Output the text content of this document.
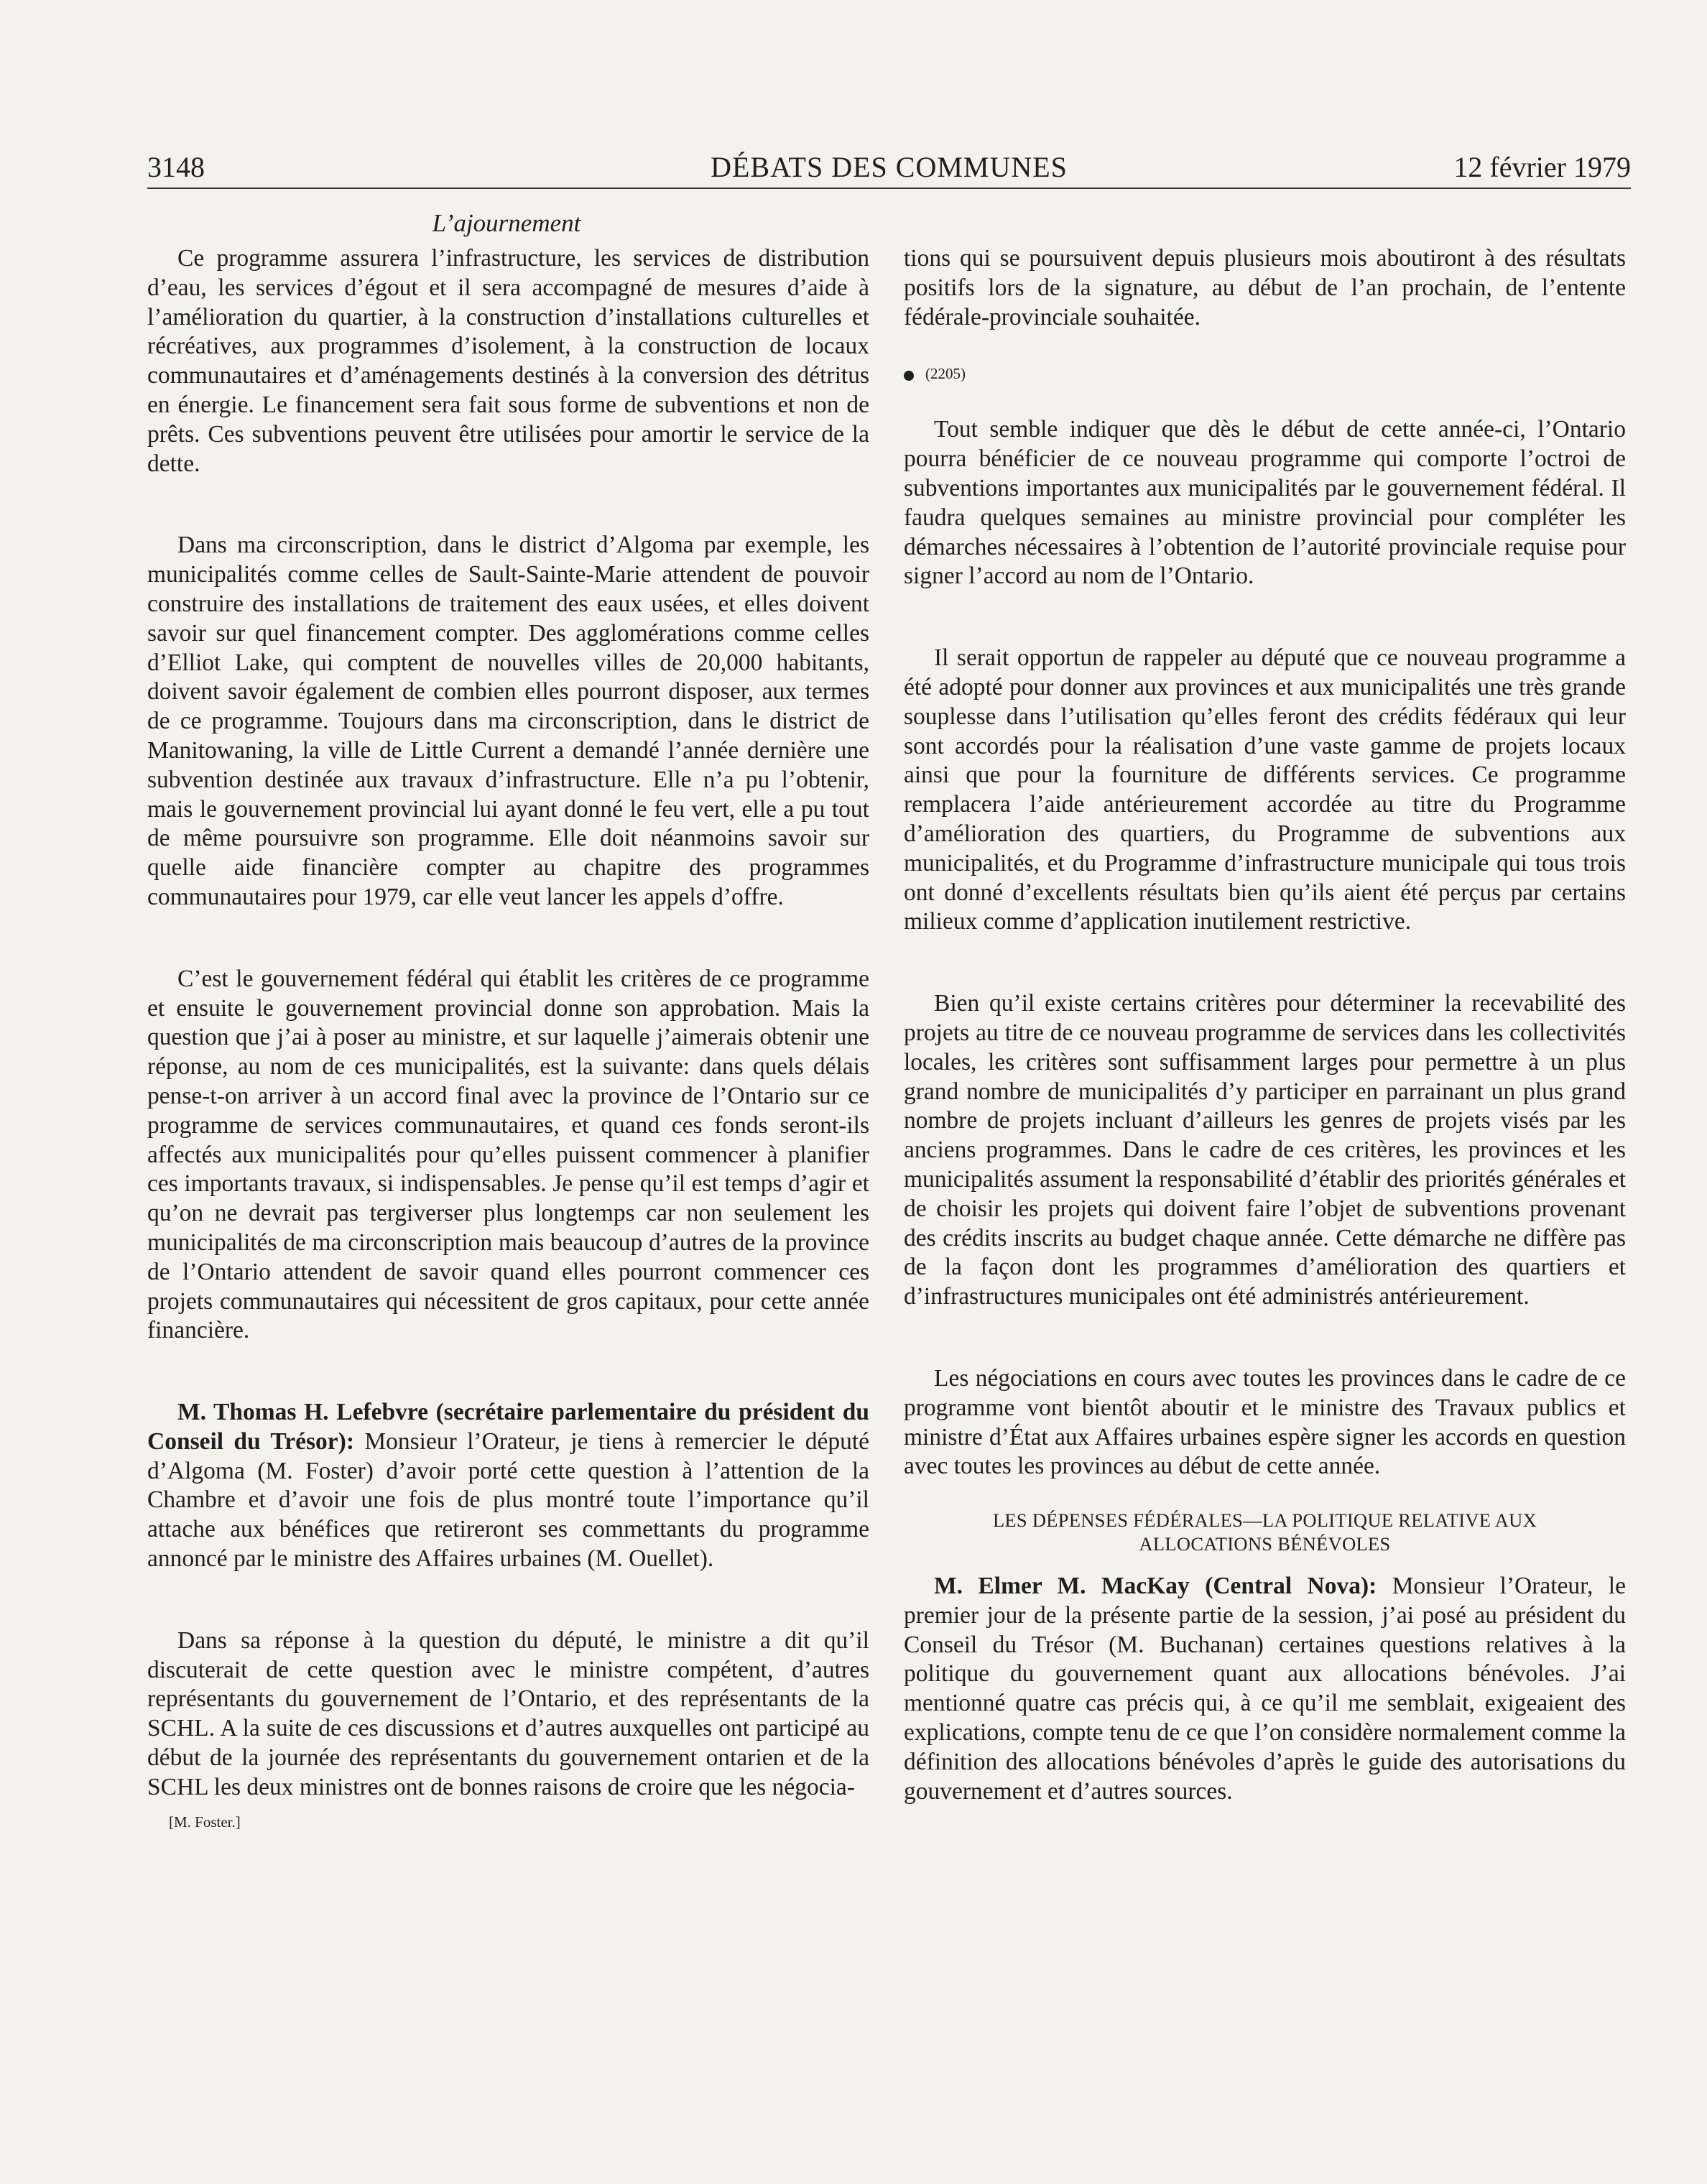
3148	DÉBATS DES COMMUNES	12 février 1979
L’ajournement

Ce programme assurera l’infrastructure, les services de distribution d’eau, les services d’égout et il sera accompagné de mesures d’aide à l’amélioration du quartier, à la construction d’installations culturelles et récréatives, aux programmes d’isolement, à la construction de locaux communautaires et d’aménagements destinés à la conversion des détritus en énergie. Le financement sera fait sous forme de subventions et non de prêts. Ces subventions peuvent être utilisées pour amortir le service de la dette.

Dans ma circonscription, dans le district d’Algoma par exemple, les municipalités comme celles de Sault-Sainte-Marie attendent de pouvoir construire des installations de traitement des eaux usées, et elles doivent savoir sur quel financement compter. Des agglomérations comme celles d’Elliot Lake, qui comptent de nouvelles villes de 20,000 habitants, doivent savoir également de combien elles pourront disposer, aux termes de ce programme. Toujours dans ma circonscription, dans le district de Manitowaning, la ville de Little Current a demandé l’année dernière une subvention destinée aux travaux d’infrastructure. Elle n’a pu l’obtenir, mais le gouvernement provincial lui ayant donné le feu vert, elle a pu tout de même poursuivre son programme. Elle doit néanmoins savoir sur quelle aide financière compter au chapitre des programmes communautaires pour 1979, car elle veut lancer les appels d’offre.

C’est le gouvernement fédéral qui établit les critères de ce programme et ensuite le gouvernement provincial donne son approbation. Mais la question que j’ai à poser au ministre, et sur laquelle j’aimerais obtenir une réponse, au nom de ces municipalités, est la suivante: dans quels délais pense-t-on arriver à un accord final avec la province de l’Ontario sur ce programme de services communautaires, et quand ces fonds seront-ils affectés aux municipalités pour qu’elles puissent commencer à planifier ces importants travaux, si indispensables. Je pense qu’il est temps d’agir et qu’on ne devrait pas tergiverser plus longtemps car non seulement les municipalités de ma circonscription mais beaucoup d’autres de la province de l’Ontario attendent de savoir quand elles pourront commencer ces projets communautaires qui nécessitent de gros capitaux, pour cette année financière.

M. Thomas H. Lefebvre (secrétaire parlementaire du président du Conseil du Trésor): Monsieur l’Orateur, je tiens à remercier le député d’Algoma (M. Foster) d’avoir porté cette question à l’attention de la Chambre et d’avoir une fois de plus montré toute l’importance qu’il attache aux bénéfices que retireront ses commettants du programme annoncé par le ministre des Affaires urbaines (M. Ouellet).

Dans sa réponse à la question du député, le ministre a dit qu’il discuterait de cette question avec le ministre compétent, d’autres représentants du gouvernement de l’Ontario, et des représentants de la SCHL. A la suite de ces discussions et d’autres auxquelles ont participé au début de la journée des représentants du gouvernement ontarien et de la SCHL les deux ministres ont de bonnes raisons de croire que les négocia-

[M. Foster.]

tions qui se poursuivent depuis plusieurs mois aboutiront à des résultats positifs lors de la signature, au début de l’an prochain, de l’entente fédérale-provinciale souhaitée.

(2205)

Tout semble indiquer que dès le début de cette année-ci, l’Ontario pourra bénéficier de ce nouveau programme qui comporte l’octroi de subventions importantes aux municipalités par le gouvernement fédéral. Il faudra quelques semaines au ministre provincial pour compléter les démarches nécessaires à l’obtention de l’autorité provinciale requise pour signer l’accord au nom de l’Ontario.

Il serait opportun de rappeler au député que ce nouveau programme a été adopté pour donner aux provinces et aux municipalités une très grande souplesse dans l’utilisation qu’elles feront des crédits fédéraux qui leur sont accordés pour la réalisation d’une vaste gamme de projets locaux ainsi que pour la fourniture de différents services. Ce programme remplacera l’aide antérieurement accordée au titre du Programme d’amélioration des quartiers, du Programme de subventions aux municipalités, et du Programme d’infrastructure municipale qui tous trois ont donné d’excellents résultats bien qu’ils aient été perçus par certains milieux comme d’application inutilement restrictive.

Bien qu’il existe certains critères pour déterminer la recevabilité des projets au titre de ce nouveau programme de services dans les collectivités locales, les critères sont suffisamment larges pour permettre à un plus grand nombre de municipalités d’y participer en parrainant un plus grand nombre de projets incluant d’ailleurs les genres de projets visés par les anciens programmes. Dans le cadre de ces critères, les provinces et les municipalités assument la responsabilité d’établir des priorités générales et de choisir les projets qui doivent faire l’objet de subventions provenant des crédits inscrits au budget chaque année. Cette démarche ne diffère pas de la façon dont les programmes d’amélioration des quartiers et d’infrastructures municipales ont été administrés antérieurement.

Les négociations en cours avec toutes les provinces dans le cadre de ce programme vont bientôt aboutir et le ministre des Travaux publics et ministre d’État aux Affaires urbaines espère signer les accords en question avec toutes les provinces au début de cette année.

LES DÉPENSES FÉDÉRALES—LA POLITIQUE RELATIVE AUX
ALLOCATIONS BÉNÉVOLES

M. Elmer M. MacKay (Central Nova): Monsieur l’Orateur, le premier jour de la présente partie de la session, j’ai posé au président du Conseil du Trésor (M. Buchanan) certaines questions relatives à la politique du gouvernement quant aux allocations bénévoles. J’ai mentionné quatre cas précis qui, à ce qu’il me semblait, exigeaient des explications, compte tenu de ce que l’on considère normalement comme la définition des allocations bénévoles d’après le guide des autorisations du gouvernement et d’autres sources.
